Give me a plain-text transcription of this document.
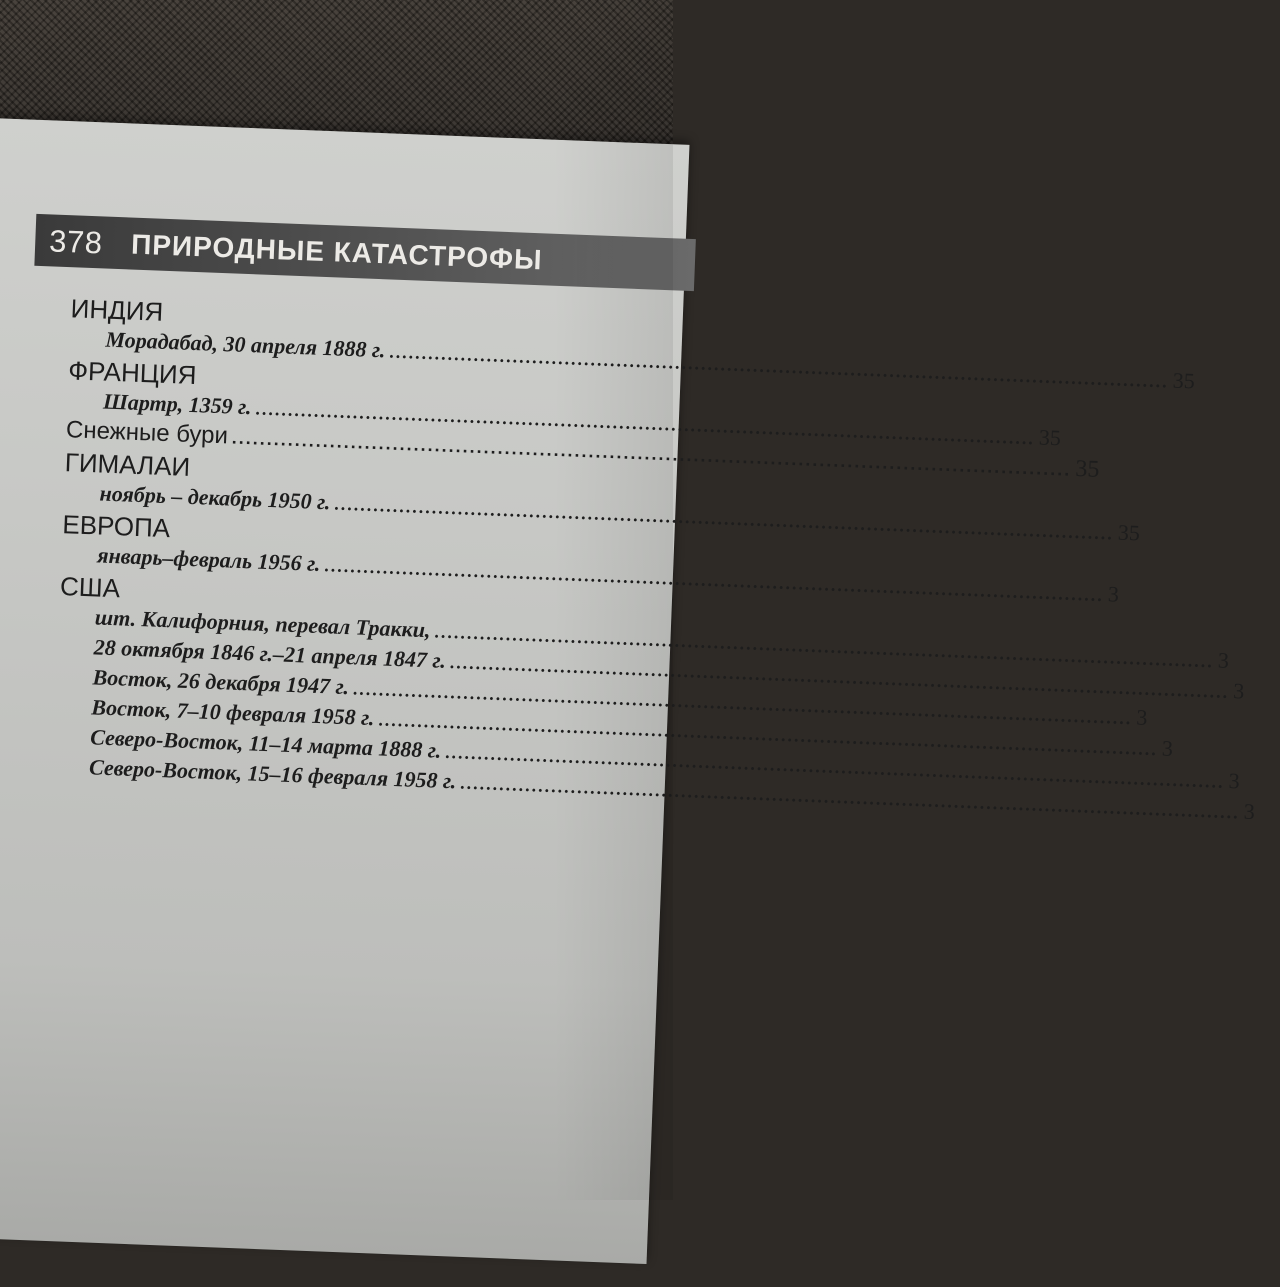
378 ПРИРОДНЫЕ КАТАСТРОФЫ
ИНДИЯ
Морадабад, 30 апреля 1888 г.
.....
35
ФРАНЦИЯ
Шартр, 1359 г.
.....
35
Снежные бури
.....
35
ГИМАЛАИ
ноябрь – декабрь 1950 г.
.....
35
ЕВРОПА
январь–февраль 1956 г.
.....
3
США
шт. Калифорния, перевал Тракки,
.....
3
28 октября 1846 г.–21 апреля 1847 г.
.....
3
Восток, 26 декабря 1947 г.
.....
3
Восток, 7–10 февраля 1958 г.
.....
3
Северо-Восток, 11–14 марта 1888 г.
.....
3
Северо-Восток, 15–16 февраля 1958 г.
.....
3
